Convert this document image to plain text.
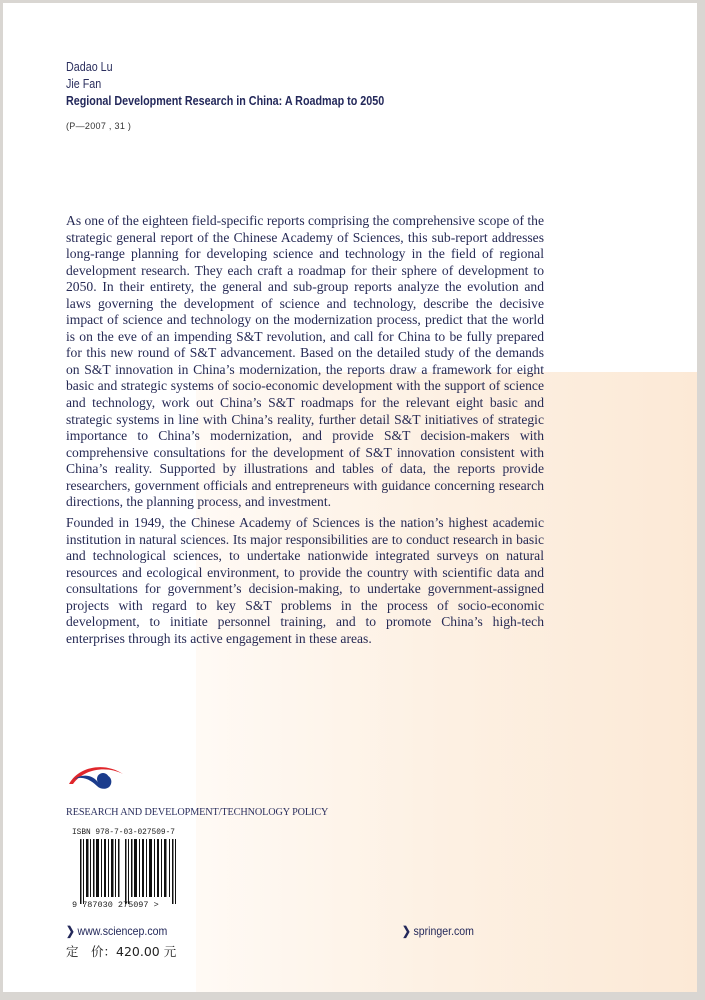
Dadao Lu
Jie Fan
Regional Development Research in China: A Roadmap to 2050
(P—2007 , 31 )

As one of the eighteen field-specific reports comprising the comprehensive scope of the strategic general report of the Chinese Academy of Sciences, this sub-report addresses long-range planning for developing science and technology in the field of regional development research. They each craft a roadmap for their sphere of development to 2050. In their entirety, the general and sub-group reports analyze the evolution and laws governing the development of science and technology, describe the decisive impact of science and technology on the modernization process, predict that the world is on the eve of an impending S&T revolution, and call for China to be fully prepared for this new round of S&T advancement. Based on the detailed study of the demands on S&T innovation in China’s modernization, the reports draw a framework for eight basic and strategic systems of socio-economic development with the support of science and technology, work out China’s S&T roadmaps for the relevant eight basic and strategic systems in line with China’s reality, further detail S&T initiatives of strategic importance to China’s modernization, and provide S&T decision-makers with comprehensive consultations for the development of S&T innovation consistent with China’s reality. Supported by illustrations and tables of data, the reports provide researchers, government officials and entrepreneurs with guidance concerning research directions, the planning process, and investment.

Founded in 1949, the Chinese Academy of Sciences is the nation’s highest academic institution in natural sciences. Its major responsibilities are to conduct research in basic and technological sciences, to undertake nationwide integrated surveys on natural resources and ecological environment, to provide the country with scientific data and consultations for government’s decision-making, to undertake government-assigned projects with regard to key S&T problems in the process of socio-economic development, to initiate personnel training, and to promote China’s high-tech enterprises through its active engagement in these areas.

RESEARCH AND DEVELOPMENT/TECHNOLOGY POLICY
ISBN 978-7-03-027509-7
9 787030 275097 >
❯ www.sciencep.com	❯ springer.com
定　价：420.00 元
